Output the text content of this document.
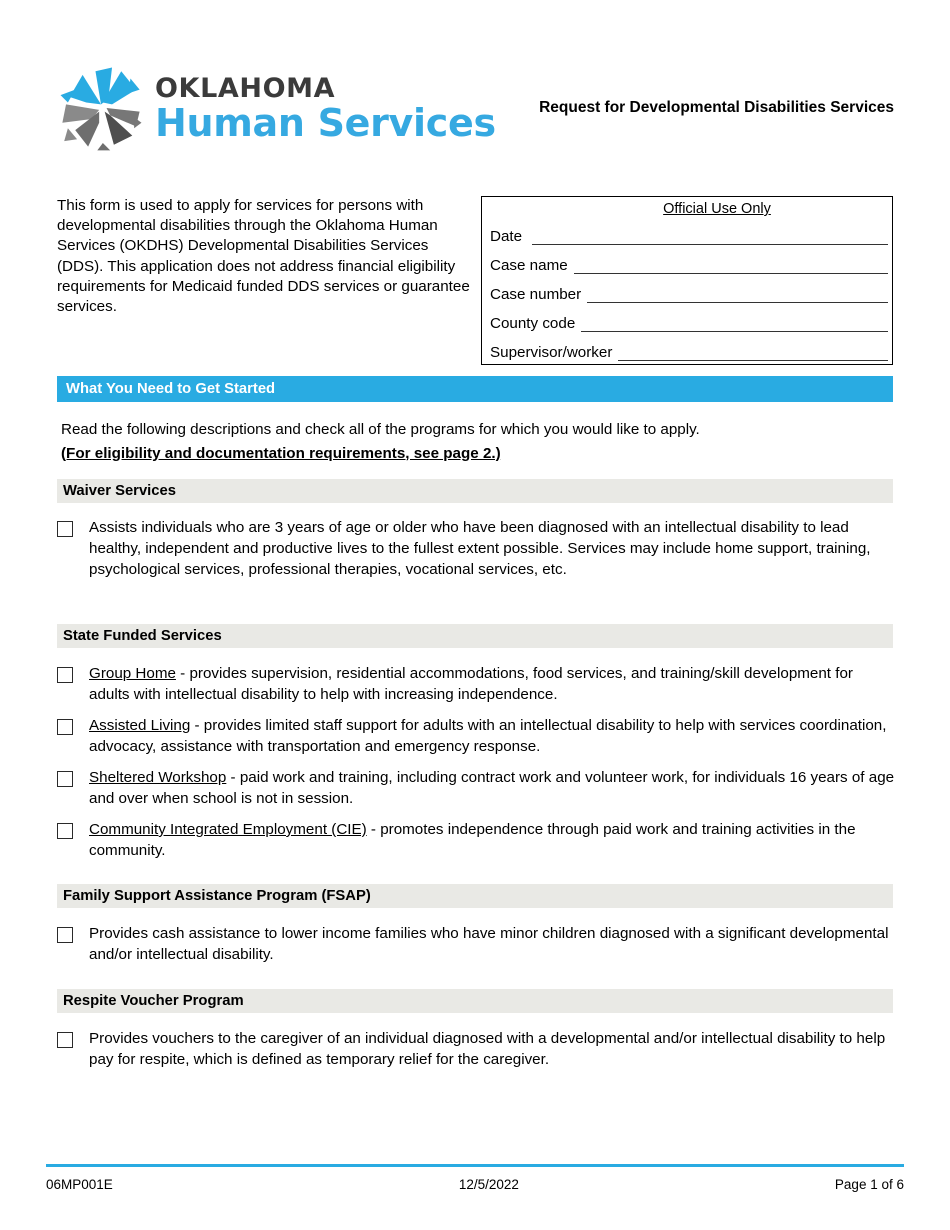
OKLAHOMA
Human Services	Request for Developmental Disabilities Services
This form is used to apply for services for persons with developmental disabilities through the Oklahoma Human Services (OKDHS) Developmental Disabilities Services (DDS). This application does not address financial eligibility requirements for Medicaid funded DDS services or guarantee services.
Official Use Only
Date
Case name
Case number
County code
Supervisor/worker
What You Need to Get Started
Read the following descriptions and check all of the programs for which you would like to apply.
(For eligibility and documentation requirements, see page 2.)
Waiver Services
Assists individuals who are 3 years of age or older who have been diagnosed with an intellectual disability to lead healthy, independent and productive lives to the fullest extent possible. Services may include home support, training, psychological services, professional therapies, vocational services, etc.
State Funded Services
Group Home - provides supervision, residential accommodations, food services, and training/skill development for adults with intellectual disability to help with increasing independence.
Assisted Living - provides limited staff support for adults with an intellectual disability to help with services coordination, advocacy, assistance with transportation and emergency response.
Sheltered Workshop - paid work and training, including contract work and volunteer work, for individuals 16 years of age and over when school is not in session.
Community Integrated Employment (CIE) - promotes independence through paid work and training activities in the community.
Family Support Assistance Program (FSAP)
Provides cash assistance to lower income families who have minor children diagnosed with a significant developmental and/or intellectual disability.
Respite Voucher Program
Provides vouchers to the caregiver of an individual diagnosed with a developmental and/or intellectual disability to help pay for respite, which is defined as temporary relief for the caregiver.
06MP001E	12/5/2022	Page 1 of 6
